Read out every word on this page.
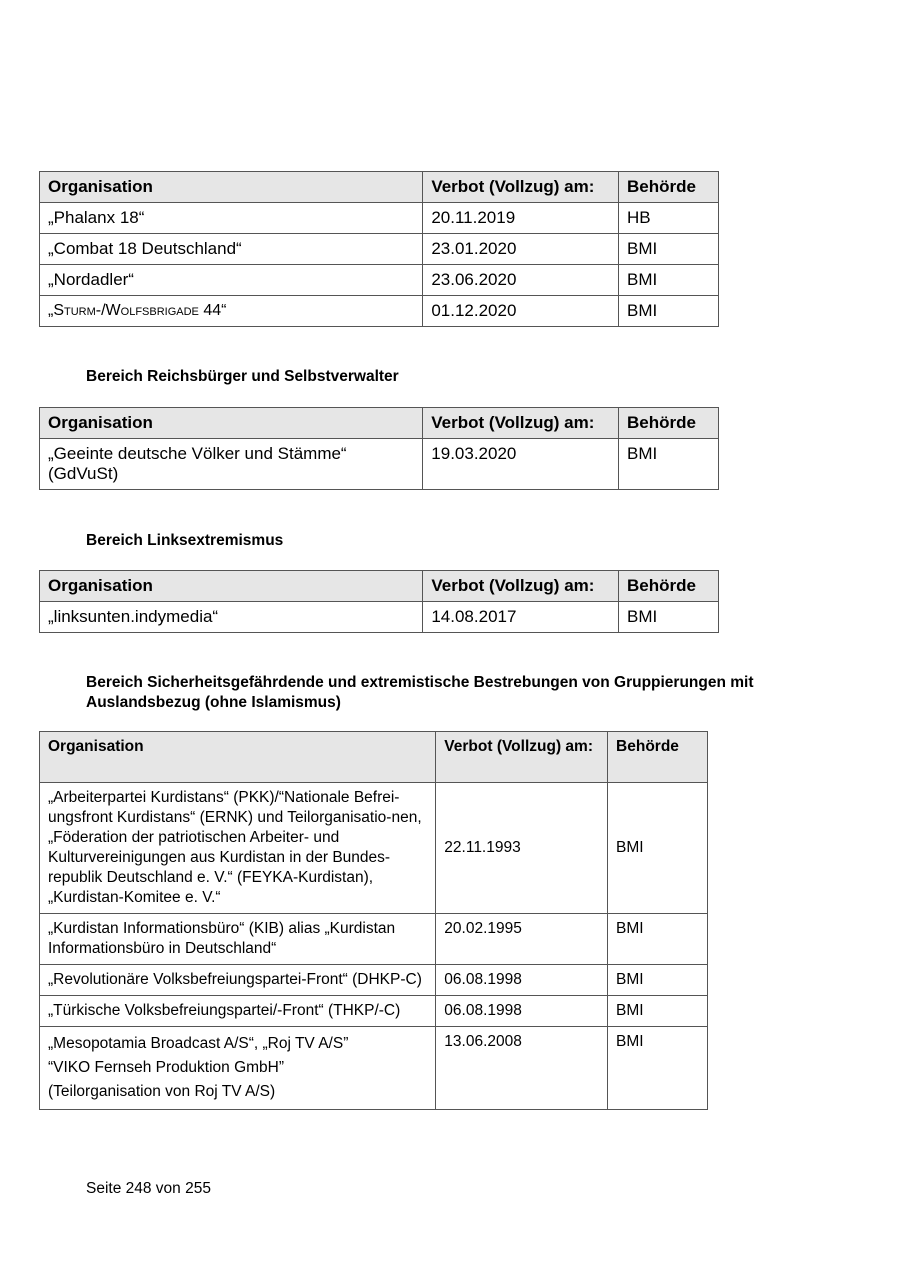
Organisation	Verbot (Vollzug) am:	Behörde
„Phalanx 18“	20.11.2019	HB
„Combat 18 Deutschland“	23.01.2020	BMI
„Nordadler“	23.06.2020	BMI
„Sturm-/Wolfsbrigade 44“	01.12.2020	BMI
Bereich Reichsbürger und Selbstverwalter
Organisation	Verbot (Vollzug) am:	Behörde
„Geeinte deutsche Völker und Stämme“ (GdVuSt)	19.03.2020	BMI
Bereich Linksextremismus
Organisation	Verbot (Vollzug) am:	Behörde
„linksunten.indymedia“	14.08.2017	BMI
Bereich Sicherheitsgefährdende und extremistische Bestrebungen von Gruppierungen mit Auslandsbezug (ohne Islamismus)
Organisation	Verbot (Vollzug) am:	Behörde
„Arbeiterpartei Kurdistans“ (PKK)/“Nationale Befrei-ungsfront Kurdistans“ (ERNK) und Teilorganisatio-nen, „Föderation der patriotischen Arbeiter- und Kulturvereinigungen aus Kurdistan in der Bundes-republik Deutschland e. V.“ (FEYKA-Kurdistan), „Kurdistan-Komitee e. V.“	22.11.1993	BMI
„Kurdistan Informationsbüro“ (KIB) alias „Kurdistan Informationsbüro in Deutschland“	20.02.1995	BMI
„Revolutionäre Volksbefreiungspartei-Front“ (DHKP-C)	06.08.1998	BMI
„Türkische Volksbefreiungspartei/-Front“ (THKP/-C)	06.08.1998	BMI

„Mesopotamia Broadcast A/S“, „Roj TV A/S”
“VIKO Fernseh Produktion GmbH”
(Teilorganisation von Roj TV A/S)	13.06.2008	BMI
Seite 248 von 255
